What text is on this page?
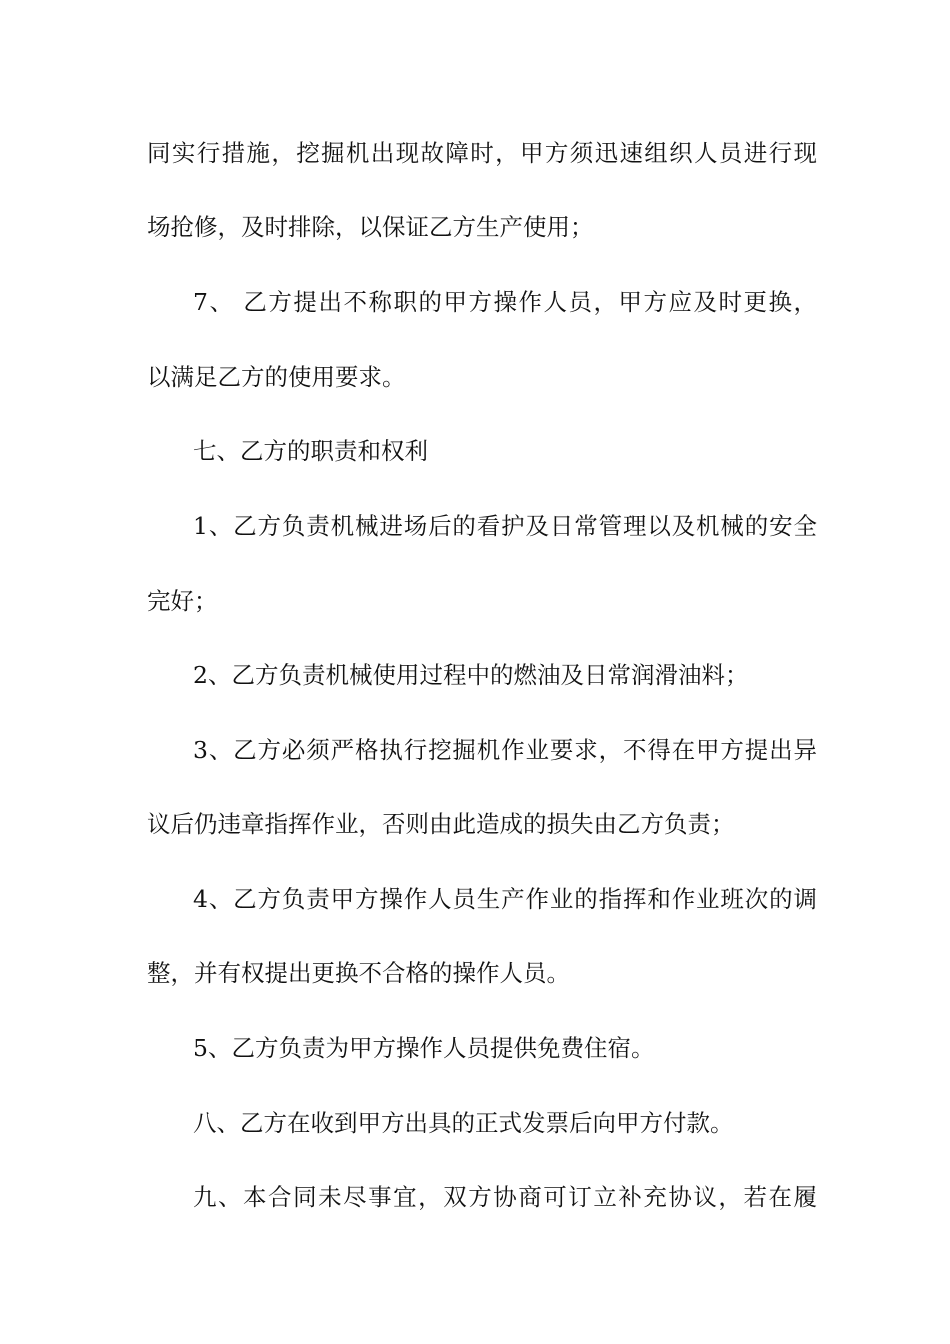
同实行措施，挖掘机出现故障时，甲方须迅速组织人员进行现
场抢修，及时排除，以保证乙方生产使用；
7、 乙方提出不称职的甲方操作人员，甲方应及时更换，
以满足乙方的使用要求。
七、乙方的职责和权利
1、乙方负责机械进场后的看护及日常管理以及机械的安全
完好；
2、乙方负责机械使用过程中的燃油及日常润滑油料；
3、乙方必须严格执行挖掘机作业要求，不得在甲方提出异
议后仍违章指挥作业，否则由此造成的损失由乙方负责；
4、乙方负责甲方操作人员生产作业的指挥和作业班次的调
整，并有权提出更换不合格的操作人员。
5、乙方负责为甲方操作人员提供免费住宿。
八、乙方在收到甲方出具的正式发票后向甲方付款。
九、本合同未尽事宜，双方协商可订立补充协议，若在履
